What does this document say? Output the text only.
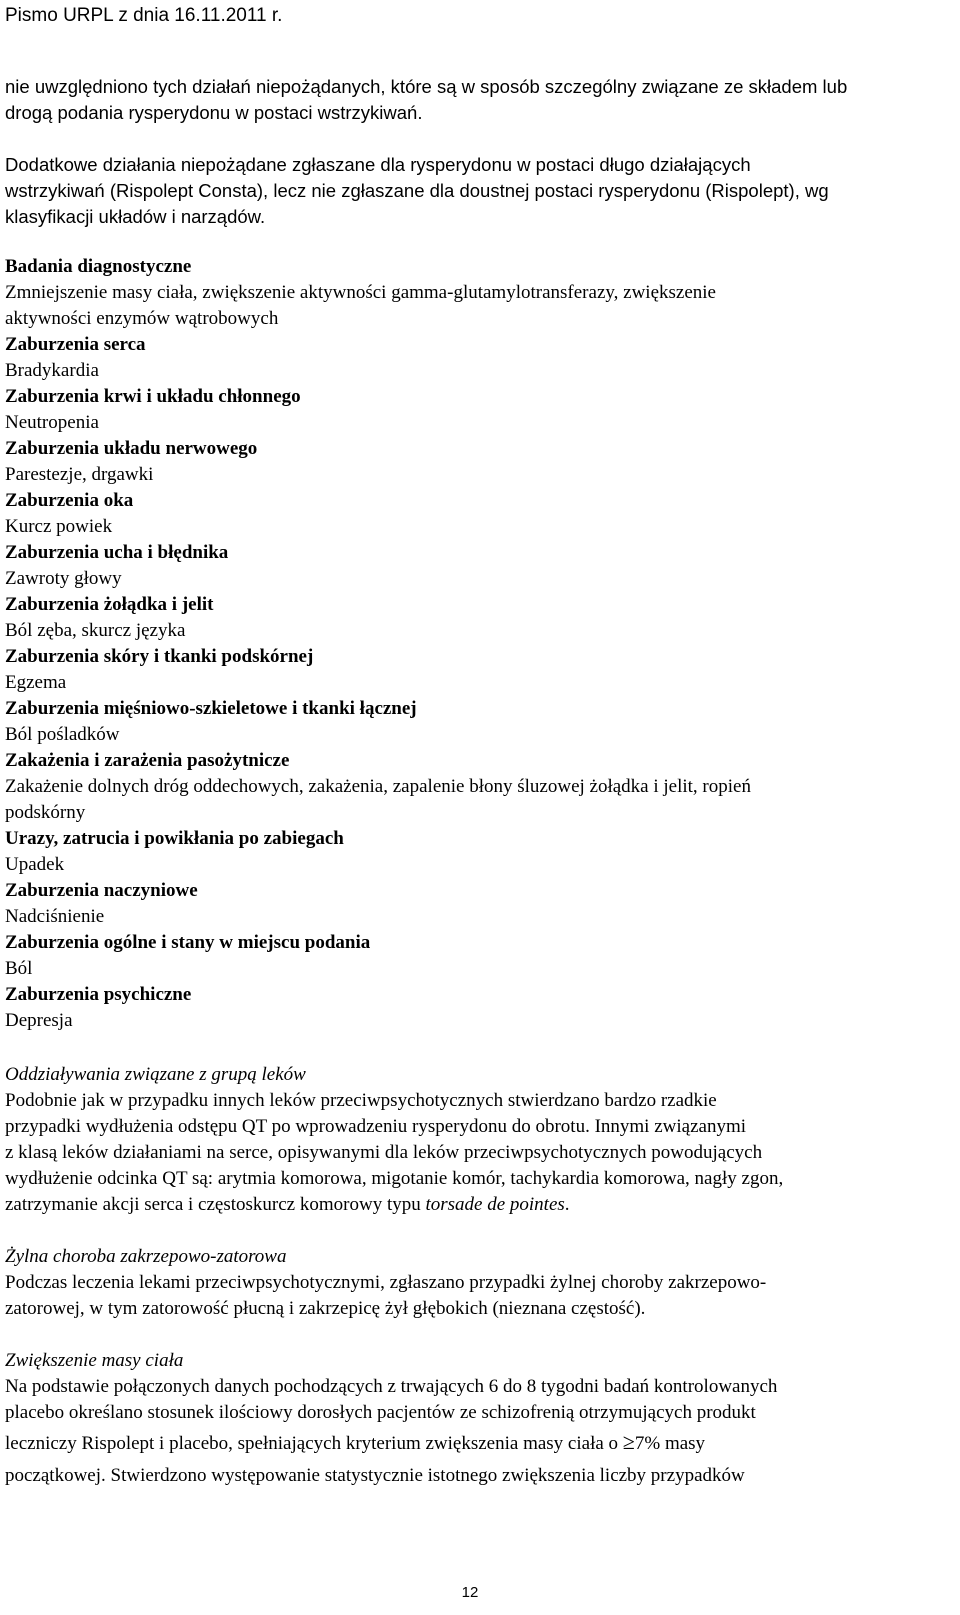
Pismo URPL z dnia 16.11.2011 r.
nie uwzględniono tych działań niepożądanych, które są w sposób szczególny związane ze składem lub
drogą podania rysperydonu w postaci wstrzykiwań.
Dodatkowe działania niepożądane zgłaszane dla rysperydonu w postaci długo działających
wstrzykiwań (Rispolept Consta), lecz nie zgłaszane dla doustnej postaci rysperydonu (Rispolept), wg
klasyfikacji układów i narządów.
Badania diagnostyczne
Zmniejszenie masy ciała, zwiększenie aktywności gamma-glutamylotransferazy, zwiększenie
aktywności enzymów wątrobowych
Zaburzenia serca
Bradykardia
Zaburzenia krwi i układu chłonnego
Neutropenia
Zaburzenia układu nerwowego
Parestezje, drgawki
Zaburzenia oka
Kurcz powiek
Zaburzenia ucha i błędnika
Zawroty głowy
Zaburzenia żołądka i jelit
Ból zęba, skurcz języka
Zaburzenia skóry i tkanki podskórnej
Egzema
Zaburzenia mięśniowo-szkieletowe i tkanki łącznej
Ból pośladków
Zakażenia i zarażenia pasożytnicze
Zakażenie dolnych dróg oddechowych, zakażenia, zapalenie błony śluzowej żołądka i jelit, ropień
podskórny
Urazy, zatrucia i powikłania po zabiegach
Upadek
Zaburzenia naczyniowe
Nadciśnienie
Zaburzenia ogólne i stany w miejscu podania
Ból
Zaburzenia psychiczne
Depresja
Oddziaływania związane z grupą leków
Podobnie jak w przypadku innych leków przeciwpsychotycznych stwierdzano bardzo rzadkie
przypadki wydłużenia odstępu QT po wprowadzeniu rysperydonu do obrotu. Innymi związanymi
z klasą leków działaniami na serce, opisywanymi dla leków przeciwpsychotycznych powodujących
wydłużenie odcinka QT są: arytmia komorowa, migotanie komór, tachykardia komorowa, nagły zgon,
zatrzymanie akcji serca i częstoskurcz komorowy typu torsade de pointes.
Żylna choroba zakrzepowo-zatorowa
Podczas leczenia lekami przeciwpsychotycznymi, zgłaszano przypadki żylnej choroby zakrzepowo-
zatorowej, w tym zatorowość płucną i zakrzepicę żył głębokich (nieznana częstość).
Zwiększenie masy ciała
Na podstawie połączonych danych pochodzących z trwających 6 do 8 tygodni badań kontrolowanych
placebo określano stosunek ilościowy dorosłych pacjentów ze schizofrenią otrzymujących produkt
leczniczy Rispolept i placebo, spełniających kryterium zwiększenia masy ciała o ≥7% masy
początkowej. Stwierdzono występowanie statystycznie istotnego zwiększenia liczby przypadków
12
